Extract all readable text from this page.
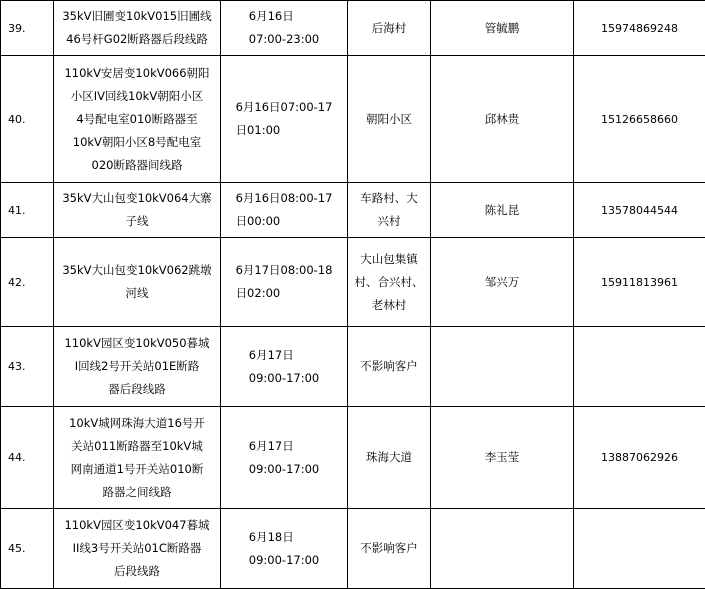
39.	35kV旧圃变10kV015旧圃线
46号杆G02断路器后段线路	6月16日
07:00-23:00	后海村	管毓鹏	15974869248
40.	110kV安居变10kV066朝阳
小区IV回线10kV朝阳小区
4号配电室010断路器至
10kV朝阳小区8号配电室
020断路器间线路	6月16日07:00-17
日01:00	朝阳小区	邱林贵	15126658660
41.	35kV大山包变10kV064大寨
子线	6月16日08:00-17
日00:00	车路村、大
兴村	陈礼昆	13578044544
42.	35kV大山包变10kV062跳墩
河线	6月17日08:00-18
日02:00	大山包集镇
村、合兴村、
老林村	邹兴万	15911813961
43.	110kV园区变10kV050暮城
I回线2号开关站01E断路
器后段线路	6月17日
09:00-17:00	不影响客户		
44.	10kV城网珠海大道16号开
关站011断路器至10kV城
网南通道1号开关站010断
路器之间线路	6月17日
09:00-17:00	珠海大道	李玉莹	13887062926
45.	110kV园区变10kV047暮城
II线3号开关站01C断路器
后段线路	6月18日
09:00-17:00	不影响客户		
